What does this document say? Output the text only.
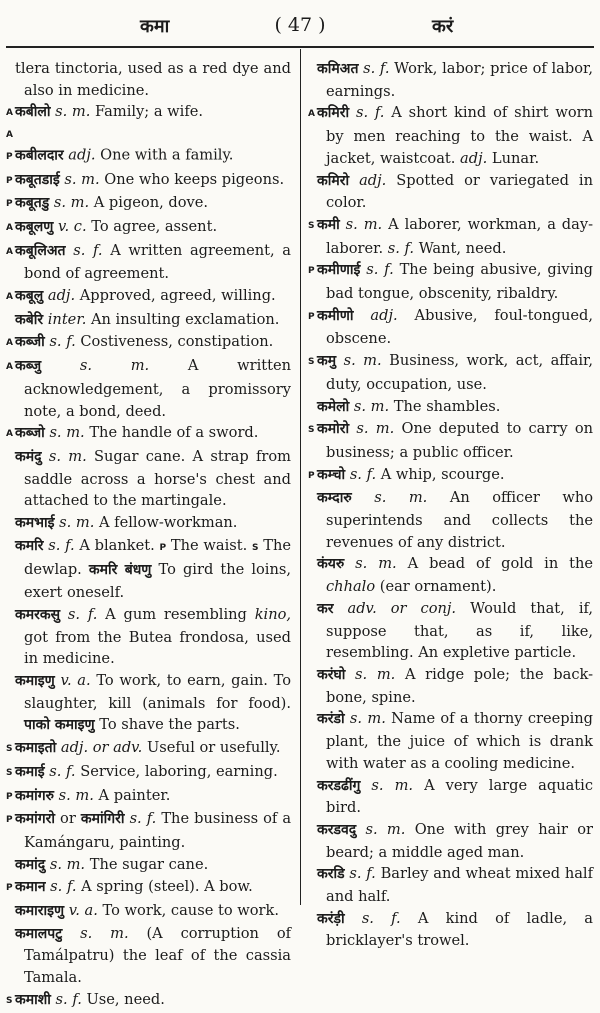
कमा	( 47 )	करं
tlera tinctoria, used as a red dye and also in medicine.
A कबीलो s. m. Family; a wife.
A P कबीलदार adj. One with a family.
P कबूतडाई s. m. One who keeps pigeons.
P कबूतडु s. m. A pigeon, dove.
A कबूलणु v. c. To agree, assent.
A कबूलिअत s. f. A written agreement, a bond of agreement.
A कबूलु adj. Approved, agreed, willing.
कबेरि inter. An insulting exclamation.
A कब्जी s. f. Costiveness, constipation.
A कब्जु	s. m.	A written acknowledgement, a promissory note, a bond, deed.
A कब्जो s. m. The handle of a sword.
कमंदु s. m. Sugar cane. A strap from saddle across a horse's chest and attached to the martingale.
कमभाई s. m. A fellow-workman.
कमरि s. f. A blanket. P The waist. S The dewlap. कमरि बंधणु To gird the loins, exert oneself.
कमरकसु s. f. A gum resembling kino, got from the Butea frondosa, used in medicine.
कमाइणु v. a. To work, to earn, gain. To slaughter, kill (animals for food). पाको कमाइणु To shave the parts.
S कमाइतो adj. or adv. Useful or usefully.
S कमाई s. f. Service, laboring, earning.
P कमांगरु s. m. A painter.
P कमांगरो or कमांगिरी s. f. The business of a Kamángaru, painting.
कमांदु s. m. The sugar cane.
P कमान s. f. A spring (steel). A bow.
कमाराइणु v. a. To work, cause to work.
कमालपटु s. m. (A corruption of Tamálpatru) the leaf of the cassia Tamala.
S कमाशी s. f. Use, need.
कमिअत s. f. Work, labor; price of labor, earnings.
A कमिरी s. f. A short kind of shirt worn by men reaching to the waist. A jacket, waistcoat. adj. Lunar.
कमिरो adj. Spotted or variegated in color.
S कमी s. m. A laborer, workman, a day-laborer. s. f. Want, need.
P कमीणाई s. f. The being abusive, giving bad tongue, obscenity, ribaldry.
P कमीणो adj. Abusive, foul-tongued, obscene.
S कमु s. m. Business, work, act, affair, duty, occupation, use.
कमेलो s. m. The shambles.
S कमोरो s. m. One deputed to carry on business; a public officer.
P कम्चो s. f. A whip, scourge.
कम्दारु s. m. An officer who superintends and collects the revenues of any district.
कंयरु s. m. A bead of gold in the chhalo (ear ornament).
कर adv. or conj. Would that, if, suppose that, as if, like, resembling. An expletive particle.
करंघो s. m. A ridge pole; the back-bone, spine.
करंडो s. m. Name of a thorny creeping plant, the juice of which is drank with water as a cooling medicine.
करडढींगु s. m. A very large aquatic bird.
करडवदु s. m. One with grey hair or beard; a middle aged man.
करडि s. f. Barley and wheat mixed half and half.
करंड़ी s. f. A kind of ladle, a bricklayer's trowel.
